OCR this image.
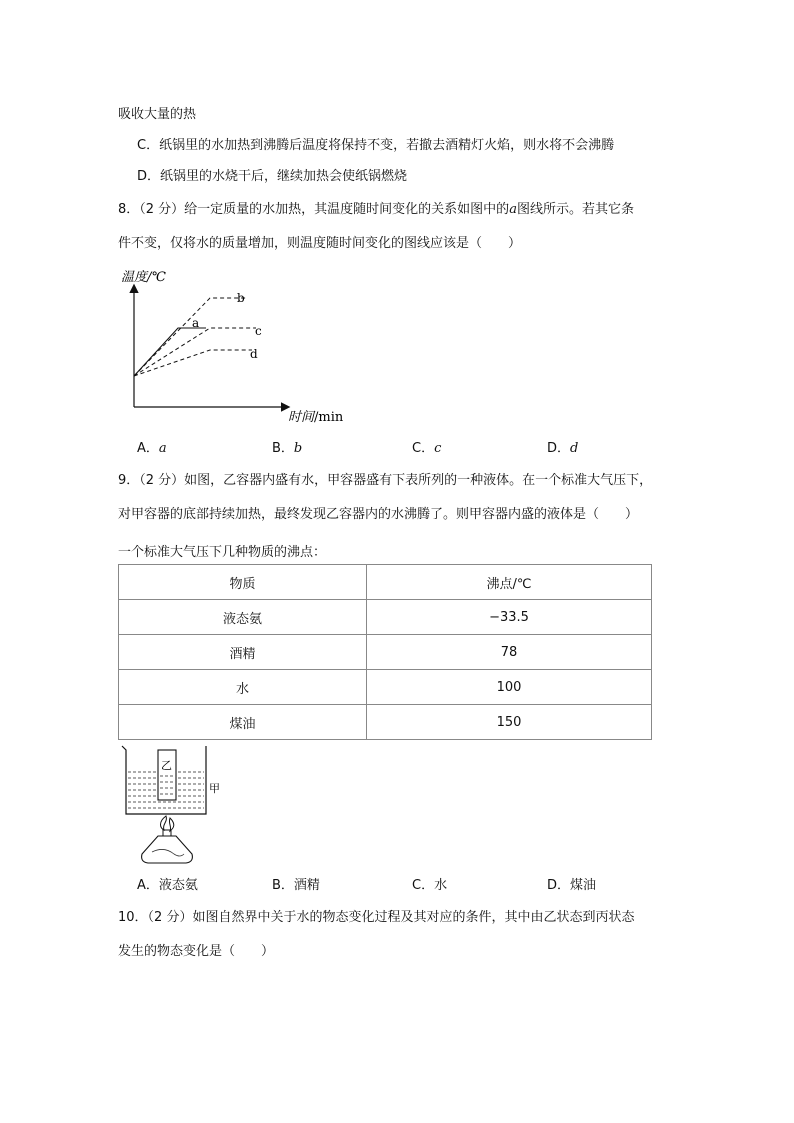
吸收大量的热
C．纸锅里的水加热到沸腾后温度将保持不变，若撤去酒精灯火焰，则水将不会沸腾
D．纸锅里的水烧干后，继续加热会使纸锅燃烧
8．（2 分）给一定质量的水加热，其温度随时间变化的关系如图中的a图线所示。若其它条
件不变，仅将水的质量增加，则温度随时间变化的图线应该是（　　）
温度/℃
时间/min
a
b
c
d
A．a	B．b	C．c	D．d
9．（2 分）如图，乙容器内盛有水，甲容器盛有下表所列的一种液体。在一个标准大气压下，
对甲容器的底部持续加热，最终发现乙容器内的水沸腾了。则甲容器内盛的液体是（　　）
一个标准大气压下几种物质的沸点：
物质	沸点/℃
液态氨	−33.5
酒精	78
水	100
煤油	150
乙
甲
A．液态氨	B．酒精	C．水	D．煤油
10．（2 分）如图自然界中关于水的物态变化过程及其对应的条件，其中由乙状态到丙状态
发生的物态变化是（　　）
